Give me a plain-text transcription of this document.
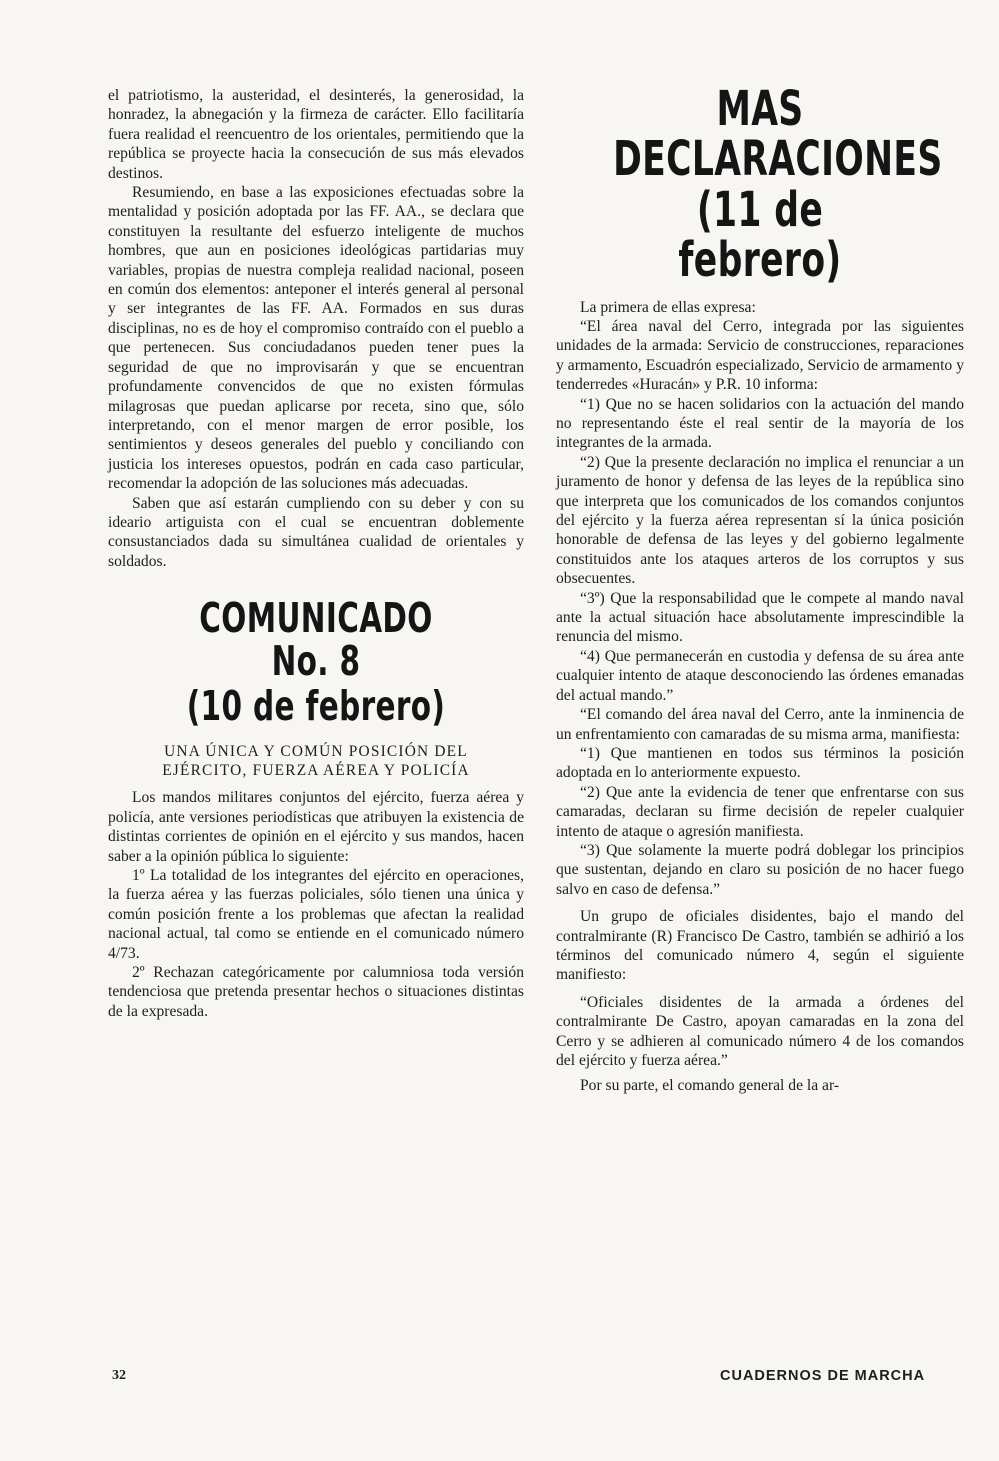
el patriotismo, la austeridad, el desinterés, la generosidad, la honradez, la abnegación y la firmeza de carácter. Ello facilitaría fuera realidad el reencuentro de los orientales, permitiendo que la república se proyecte hacia la consecución de sus más elevados destinos.

Resumiendo, en base a las exposiciones efectuadas sobre la mentalidad y posición adoptada por las FF. AA., se declara que constituyen la resultante del esfuerzo inteligente de muchos hombres, que aun en posiciones ideológicas partidarias muy variables, propias de nuestra compleja realidad nacional, poseen en común dos elementos: anteponer el interés general al personal y ser integrantes de las FF. AA. Formados en sus duras disciplinas, no es de hoy el compromiso contraído con el pueblo a que pertenecen. Sus conciudadanos pueden tener pues la seguridad de que no improvisarán y que se encuentran profundamente convencidos de que no existen fórmulas milagrosas que puedan aplicarse por receta, sino que, sólo interpretando, con el menor margen de error posible, los sentimientos y deseos generales del pueblo y conciliando con justicia los intereses opuestos, podrán en cada caso particular, recomendar la adopción de las soluciones más adecuadas.

Saben que así estarán cumpliendo con su deber y con su ideario artiguista con el cual se encuentran doblemente consustanciados dada su simultánea cualidad de orientales y soldados.

COMUNICADO No. 8
(10 de febrero)
UNA ÚNICA Y COMÚN POSICIÓN DEL
EJÉRCITO, FUERZA AÉREA Y POLICÍA

Los mandos militares conjuntos del ejército, fuerza aérea y policía, ante versiones periodísticas que atribuyen la existencia de distintas corrientes de opinión en el ejército y sus mandos, hacen saber a la opinión pública lo siguiente:

1º La totalidad de los integrantes del ejército en operaciones, la fuerza aérea y las fuerzas policiales, sólo tienen una única y común posición frente a los problemas que afectan la realidad nacional actual, tal como se entiende en el comunicado número 4/73.

2º Rechazan categóricamente por calumniosa toda versión tendenciosa que pretenda presentar hechos o situaciones distintas de la expresada.

MAS DECLARACIONES
(11 de febrero)

La primera de ellas expresa:

“El área naval del Cerro, integrada por las siguientes unidades de la armada: Servicio de construcciones, reparaciones y armamento, Escuadrón especializado, Servicio de armamento y tenderredes «Huracán» y P.R. 10 informa:

“1) Que no se hacen solidarios con la actuación del mando no representando éste el real sentir de la mayoría de los integrantes de la armada.

“2) Que la presente declaración no implica el renunciar a un juramento de honor y defensa de las leyes de la república sino que interpreta que los comunicados de los comandos conjuntos del ejército y la fuerza aérea representan sí la única posición honorable de defensa de las leyes y del gobierno legalmente constituidos ante los ataques arteros de los corruptos y sus obsecuentes.

“3º) Que la responsabilidad que le compete al mando naval ante la actual situación hace absolutamente imprescindible la renuncia del mismo.

“4) Que permanecerán en custodia y defensa de su área ante cualquier intento de ataque desconociendo las órdenes emanadas del actual mando.”

“El comando del área naval del Cerro, ante la inminencia de un enfrentamiento con camaradas de su misma arma, manifiesta:

“1) Que mantienen en todos sus términos la posición adoptada en lo anteriormente expuesto.

“2) Que ante la evidencia de tener que enfrentarse con sus camaradas, declaran su firme decisión de repeler cualquier intento de ataque o agresión manifiesta.

“3) Que solamente la muerte podrá doblegar los principios que sustentan, dejando en claro su posición de no hacer fuego salvo en caso de defensa.”

Un grupo de oficiales disidentes, bajo el mando del contralmirante (R) Francisco De Castro, también se adhirió a los términos del comunicado número 4, según el siguiente manifiesto:

“Oficiales disidentes de la armada a órdenes del contralmirante De Castro, apoyan camaradas en la zona del Cerro y se adhieren al comunicado número 4 de los comandos del ejército y fuerza aérea.”

Por su parte, el comando general de la ar-

32	CUADERNOS DE MARCHA
